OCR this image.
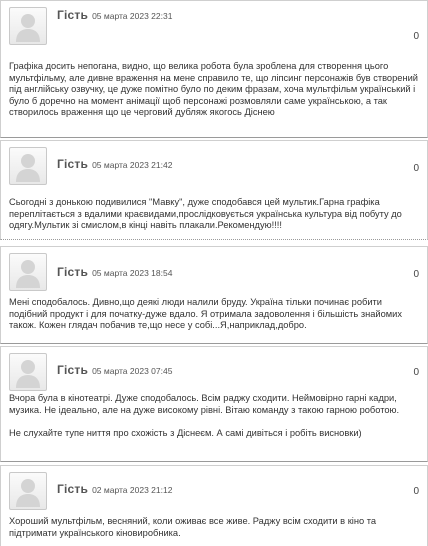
Гість 05 марта 2023 22:31
0
Графіка досить непогана, видно, що велика робота була зроблена для створення цього мультфільму, але дивне враження на мене справило те, що ліпсинг персонажів був створений під англійську озвучку, це дуже помітно було по деким фразам, хоча мультфільм український і було б доречно на момент анімації щоб персонажі розмовляли саме українською, а так створилось враження що це черговий дубляж якогось Діснею
Гість 05 марта 2023 21:42	0
Сьогодні з донькою подивилися "Мавку", дуже сподобався цей мультик.Гарна графіка переплітається з вдалими краєвидами,прослідковується українська культура від побуту до одягу.Мультик зі смислом,в кінці навіть плакали.Рекомендую!!!!
Гість 05 марта 2023 18:54	0
Мені сподобалось. Дивно,що деякі люди налили бруду. Україна тільки починає робити подібний продукт і для початку-дуже вдало. Я отримала задоволення і більшість знайомих також. Кожен глядач побачив те,що несе у собі...Я,наприклад,добро.
Гість 05 марта 2023 07:45	0
Вчора була в кінотеатрі. Дуже сподобалось. Всім раджу сходити. Неймовірно гарні кадри, музика. Не ідеально, але на дуже високому рівні. Вітаю команду з такою гарною роботою.

Не слухайте тупе ниття про схожість з Діснеєм. А самі дивіться і робіть висновки)
Гість 02 марта 2023 21:12	0
Хороший мультфільм, весняний, коли оживає все живе. Раджу всім сходити в кіно та підтримати українського кіновиробника.
